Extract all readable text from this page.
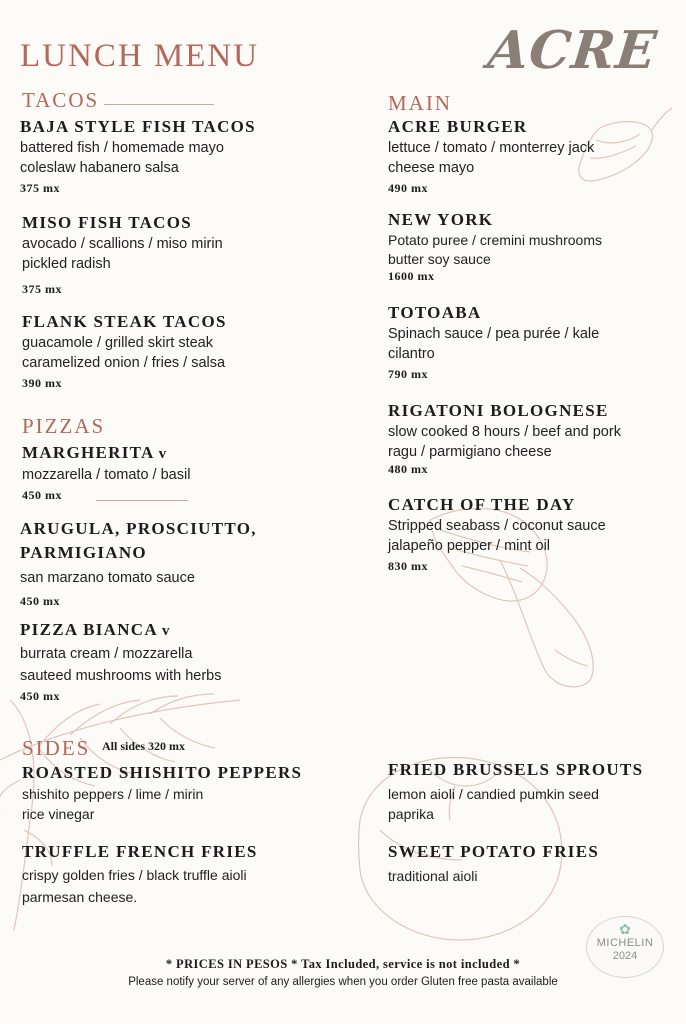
LUNCH MENU	ACRE
TACOS
BAJA STYLE FISH TACOS
battered fish / homemade mayo
coleslaw habanero salsa
375 mx
MISO FISH TACOS
avocado / scallions / miso mirin
pickled radish
375 mx
FLANK STEAK TACOS
guacamole / grilled skirt steak
caramelized onion / fries / salsa
390 mx
PIZZAS
MARGHERITA v
mozzarella / tomato / basil
450 mx
ARUGULA, PROSCIUTTO,
PARMIGIANO
san marzano tomato sauce
450 mx
PIZZA BIANCA v
burrata cream / mozzarella
sauteed mushrooms with herbs
450 mx
MAIN
ACRE BURGER
lettuce / tomato / monterrey jack
cheese mayo
490 mx
NEW YORK
Potato puree / cremini mushrooms
butter soy sauce
1600 mx
TOTOABA
Spinach sauce / pea purée / kale
cilantro
790 mx
RIGATONI BOLOGNESE
slow cooked 8 hours / beef and pork
ragu / parmigiano cheese
480 mx
CATCH OF THE DAY
Stripped seabass / coconut sauce
jalapeño pepper / mint oil
830 mx
SIDES All sides 320 mx
ROASTED SHISHITO PEPPERS
shishito peppers / lime / mirin
rice vinegar
TRUFFLE FRENCH FRIES
crispy golden fries / black truffle aioli
parmesan cheese.
FRIED BRUSSELS SPROUTS
lemon aioli / candied pumkin seed
paprika
SWEET POTATO FRIES
traditional aioli
✿
MICHELIN
2024
* PRICES IN PESOS * Tax Included, service is not included *
Please notify your server of any allergies when you order Gluten free pasta available
